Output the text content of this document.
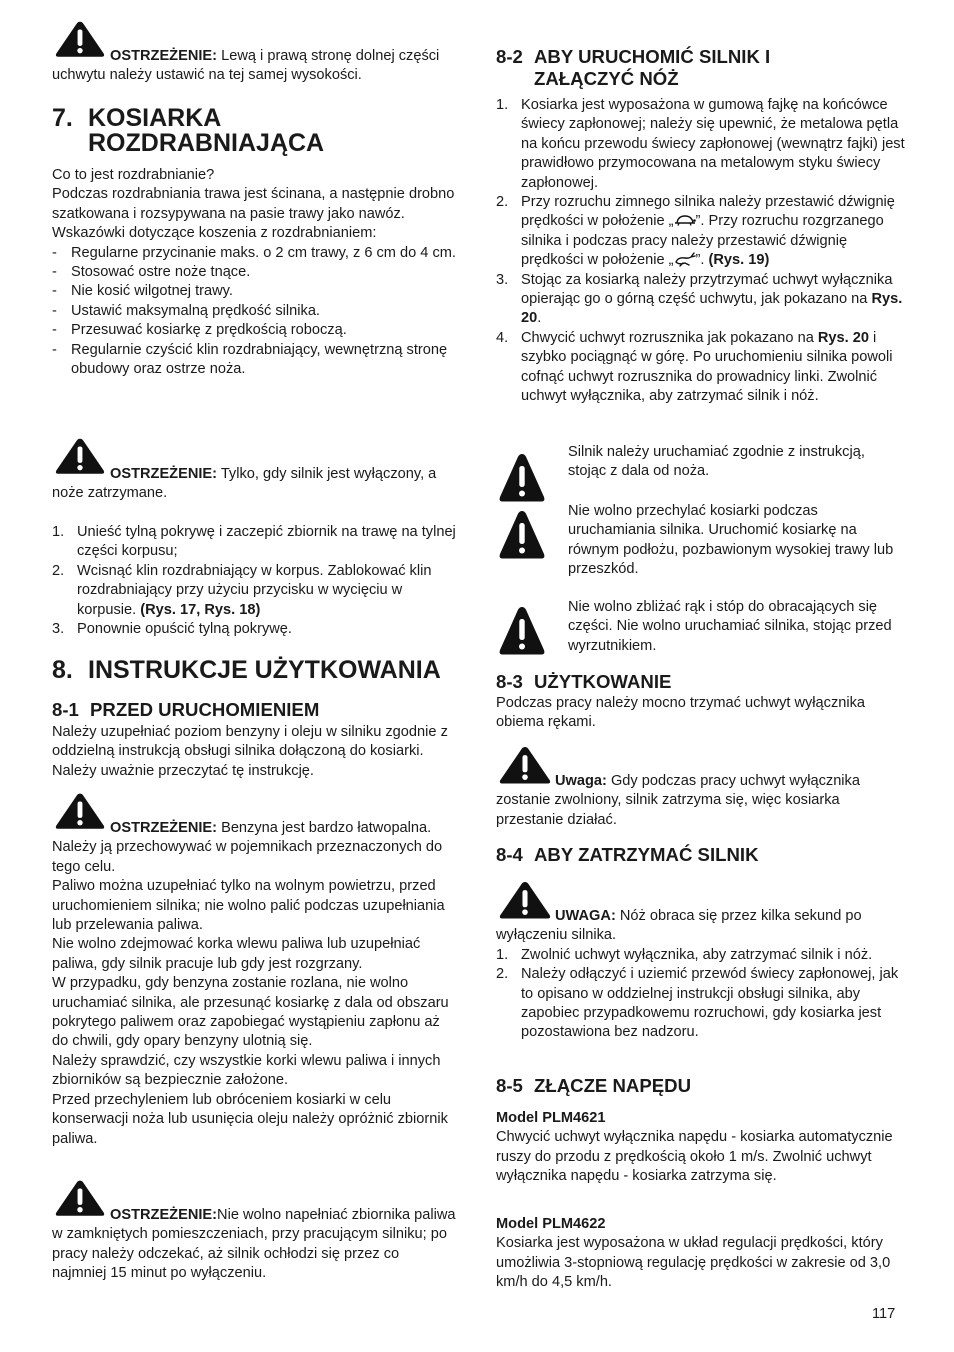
OSTRZEŻENIE: Lewą i prawą stronę dolnej części uchwytu należy ustawić na tej samej wysokości.
7. KOSIARKA ROZDRABNIAJĄCA

Co to jest rozdrabnianie?

Podczas rozdrabniania trawa jest ścinana, a następnie drobno szatkowana i rozsypywana na pasie trawy jako nawóz.

Wskazówki dotyczące koszenia z rozdrabnianiem:

- Regularne przycinanie maks. o 2 cm trawy, z 6 cm do 4 cm.
- Stosować ostre noże tnące.
- Nie kosić wilgotnej trawy.
- Ustawić maksymalną prędkość silnika.
- Przesuwać kosiarkę z prędkością roboczą.
- Regularnie czyścić klin rozdrabniający, wewnętrzną stronę obudowy oraz ostrze noża.
OSTRZEŻENIE: Tylko, gdy silnik jest wyłączony, a noże zatrzymane.
1. Unieść tylną pokrywę i zaczepić zbiornik na trawę na tylnej części korpusu;
2. Wcisnąć klin rozdrabniający w korpus. Zablokować klin rozdrabniający przy użyciu przycisku w wycięciu w korpusie. (Rys. 17, Rys. 18)
3. Ponownie opuścić tylną pokrywę.
8. INSTRUKCJE UŻYTKOWANIA
8-1 PRZED URUCHOMIENIEM

Należy uzupełniać poziom benzyny i oleju w silniku zgodnie z oddzielną instrukcją obsługi silnika dołączoną do kosiarki. Należy uważnie przeczytać tę instrukcję.

OSTRZEŻENIE: Benzyna jest bardzo łatwopalna.

Należy ją przechowywać w pojemnikach przeznaczonych do tego celu.

Paliwo można uzupełniać tylko na wolnym powietrzu, przed uruchomieniem silnika; nie wolno palić podczas uzupełniania lub przelewania paliwa.

Nie wolno zdejmować korka wlewu paliwa lub uzupełniać paliwa, gdy silnik pracuje lub gdy jest rozgrzany.

W przypadku, gdy benzyna zostanie rozlana, nie wolno uruchamiać silnika, ale przesunąć kosiarkę z dala od obszaru pokrytego paliwem oraz zapobiegać wystąpieniu zapłonu aż do chwili, gdy opary benzyny ulotnią się.

Należy sprawdzić, czy wszystkie korki wlewu paliwa i innych zbiorników są bezpiecznie założone.

Przed przechyleniem lub obróceniem kosiarki w celu konserwacji noża lub usunięcia oleju należy opróżnić zbiornik paliwa.

OSTRZEŻENIE:Nie wolno napełniać zbiornika paliwa w zamkniętych pomieszczeniach, przy pracującym silniku; po pracy należy odczekać, aż silnik ochłodzi się przez co najmniej 15 minut po wyłączeniu.
8-2 ABY URUCHOMIĆ SILNIK I ZAŁĄCZYĆ NÓŻ
1. Kosiarka jest wyposażona w gumową fajkę na końcówce świecy zapłonowej; należy się upewnić, że metalowa pętla na końcu przewodu świecy zapłonowej (wewnątrz fajki) jest prawidłowo przymocowana na metalowym styku świecy zapłonowej.
2. Przy rozruchu zimnego silnika należy przestawić dźwignię prędkości w położenie „ ”. Przy rozruchu rozgrzanego silnika i podczas pracy należy przestawić dźwignię prędkości w położenie „ ”. (Rys. 19)
3. Stojąc za kosiarką należy przytrzymać uchwyt wyłącznika opierając go o górną część uchwytu, jak pokazano na Rys. 20.
4. Chwycić uchwyt rozrusznika jak pokazano na Rys. 20 i szybko pociągnąć w górę. Po uruchomieniu silnika powoli cofnąć uchwyt rozrusznika do prowadnicy linki. Zwolnić uchwyt wyłącznika, aby zatrzymać silnik i nóż.
Silnik należy uruchamiać zgodnie z instrukcją, stojąc z dala od noża.
Nie wolno przechylać kosiarki podczas uruchamiania silnika. Uruchomić kosiarkę na równym podłożu, pozbawionym wysokiej trawy lub przeszkód.
Nie wolno zbliżać rąk i stóp do obracających się części. Nie wolno uruchamiać silnika, stojąc przed wyrzutnikiem.
8-3 UŻYTKOWANIE

Podczas pracy należy mocno trzymać uchwyt wyłącznika obiema rękami.

Uwaga: Gdy podczas pracy uchwyt wyłącznika zostanie zwolniony, silnik zatrzyma się, więc kosiarka przestanie działać.
8-4 ABY ZATRZYMAĆ SILNIK
UWAGA: Nóż obraca się przez kilka sekund po wyłączeniu silnika.
1. Zwolnić uchwyt wyłącznika, aby zatrzymać silnik i nóż.
2. Należy odłączyć i uziemić przewód świecy zapłonowej, jak to opisano w oddzielnej instrukcji obsługi silnika, aby zapobiec przypadkowemu rozruchowi, gdy kosiarka jest pozostawiona bez nadzoru.
8-5 ZŁĄCZE NAPĘDU
Model PLM4621

Chwycić uchwyt wyłącznika napędu - kosiarka automatycznie ruszy do przodu z prędkością około 1 m/s. Zwolnić uchwyt wyłącznika napędu - kosiarka zatrzyma się.

Model PLM4622

Kosiarka jest wyposażona w układ regulacji prędkości, który umożliwia 3-stopniową regulację prędkości w zakresie od 3,0 km/h do 4,5 km/h.

117
